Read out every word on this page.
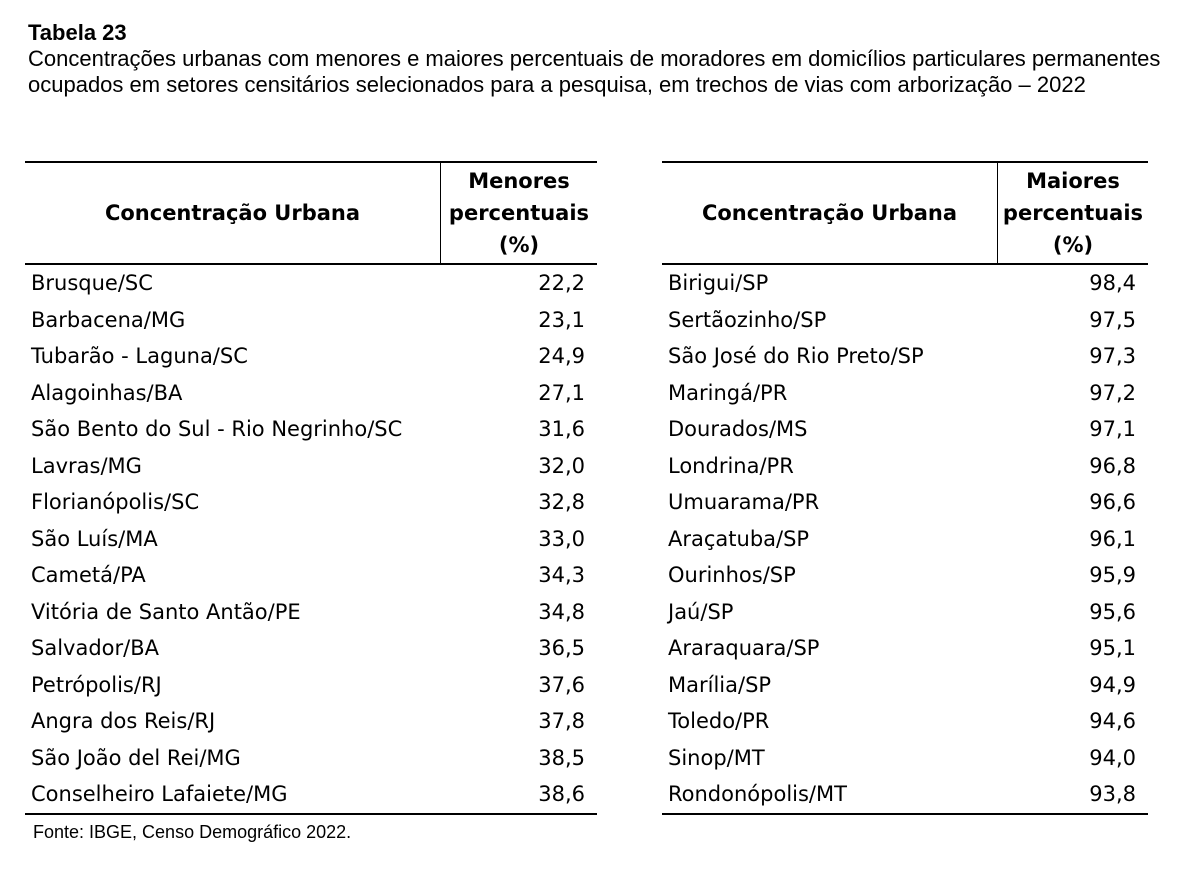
Tabela 23
Concentrações urbanas com menores e maiores percentuais de moradores em domicílios particulares permanentes ocupados em setores censitários selecionados para a pesquisa, em trechos de vias com arborização – 2022
Concentração Urbana	Menores
percentuais
(%)
Brusque/SC	22,2
Barbacena/MG	23,1
Tubarão - Laguna/SC	24,9
Alagoinhas/BA	27,1
São Bento do Sul - Rio Negrinho/SC	31,6
Lavras/MG	32,0
Florianópolis/SC	32,8
São Luís/MA	33,0
Cametá/PA	34,3
Vitória de Santo Antão/PE	34,8
Salvador/BA	36,5
Petrópolis/RJ	37,6
Angra dos Reis/RJ	37,8
São João del Rei/MG	38,5
Conselheiro Lafaiete/MG	38,6
Concentração Urbana	Maiores
percentuais
(%)
Birigui/SP	98,4
Sertãozinho/SP	97,5
São José do Rio Preto/SP	97,3
Maringá/PR	97,2
Dourados/MS	97,1
Londrina/PR	96,8
Umuarama/PR	96,6
Araçatuba/SP	96,1
Ourinhos/SP	95,9
Jaú/SP	95,6
Araraquara/SP	95,1
Marília/SP	94,9
Toledo/PR	94,6
Sinop/MT	94,0
Rondonópolis/MT	93,8
Fonte: IBGE, Censo Demográfico 2022.
